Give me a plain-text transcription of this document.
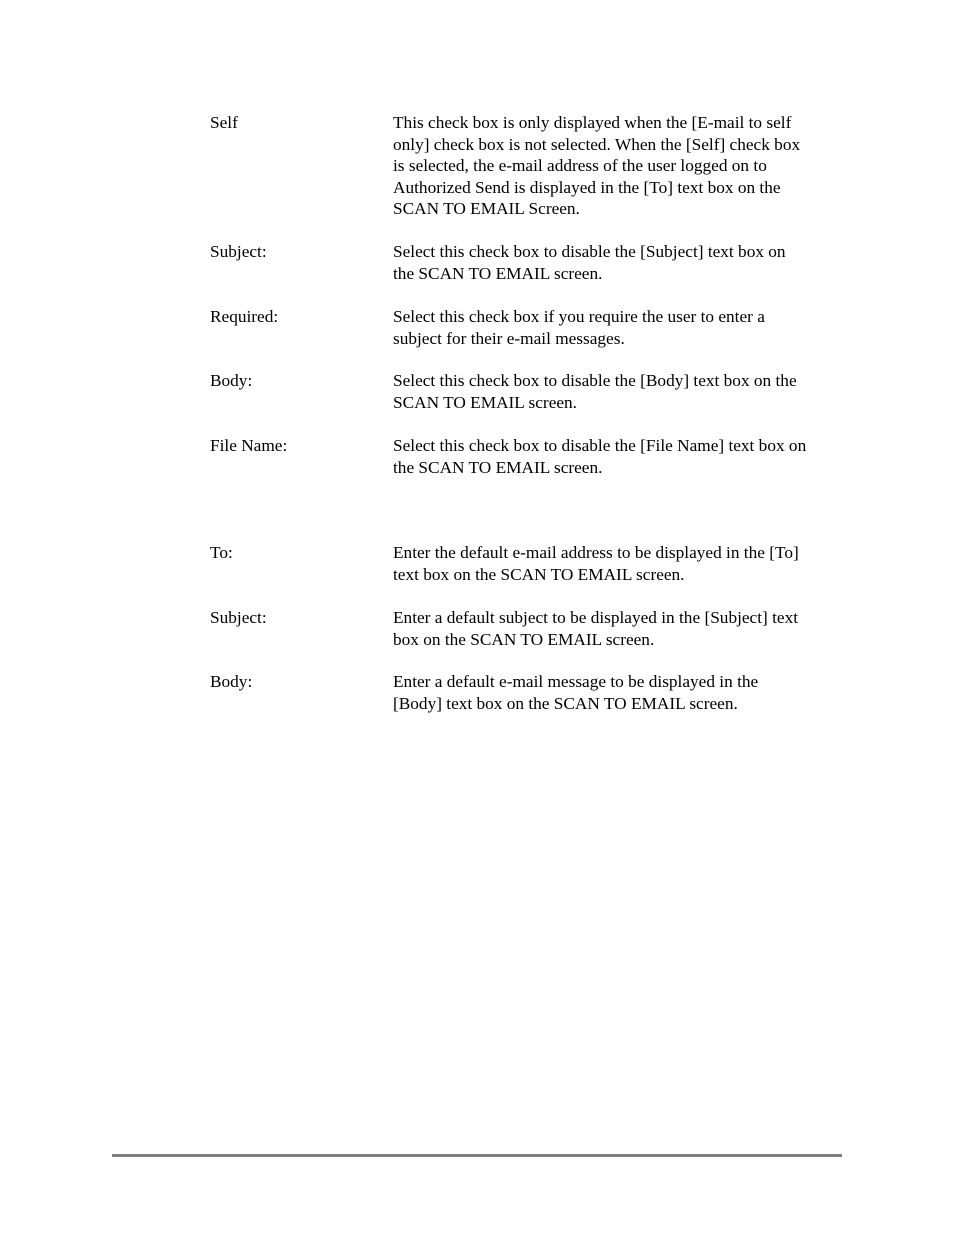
Self	This check box is only displayed when the [E-mail to self
only] check box is not selected. When the [Self] check box
is selected, the e-mail address of the user logged on to
Authorized Send is displayed in the [To] text box on the
SCAN TO EMAIL Screen.
Subject:	Select this check box to disable the [Subject] text box on
the SCAN TO EMAIL screen.
Required:	Select this check box if you require the user to enter a
subject for their e-mail messages.
Body:	Select this check box to disable the [Body] text box on the
SCAN TO EMAIL screen.
File Name:	Select this check box to disable the [File Name] text box on
the SCAN TO EMAIL screen.
To:	Enter the default e-mail address to be displayed in the [To]
text box on the SCAN TO EMAIL screen.
Subject:	Enter a default subject to be displayed in the [Subject] text
box on the SCAN TO EMAIL screen.
Body:	Enter a default e-mail message to be displayed in the
[Body] text box on the SCAN TO EMAIL screen.
